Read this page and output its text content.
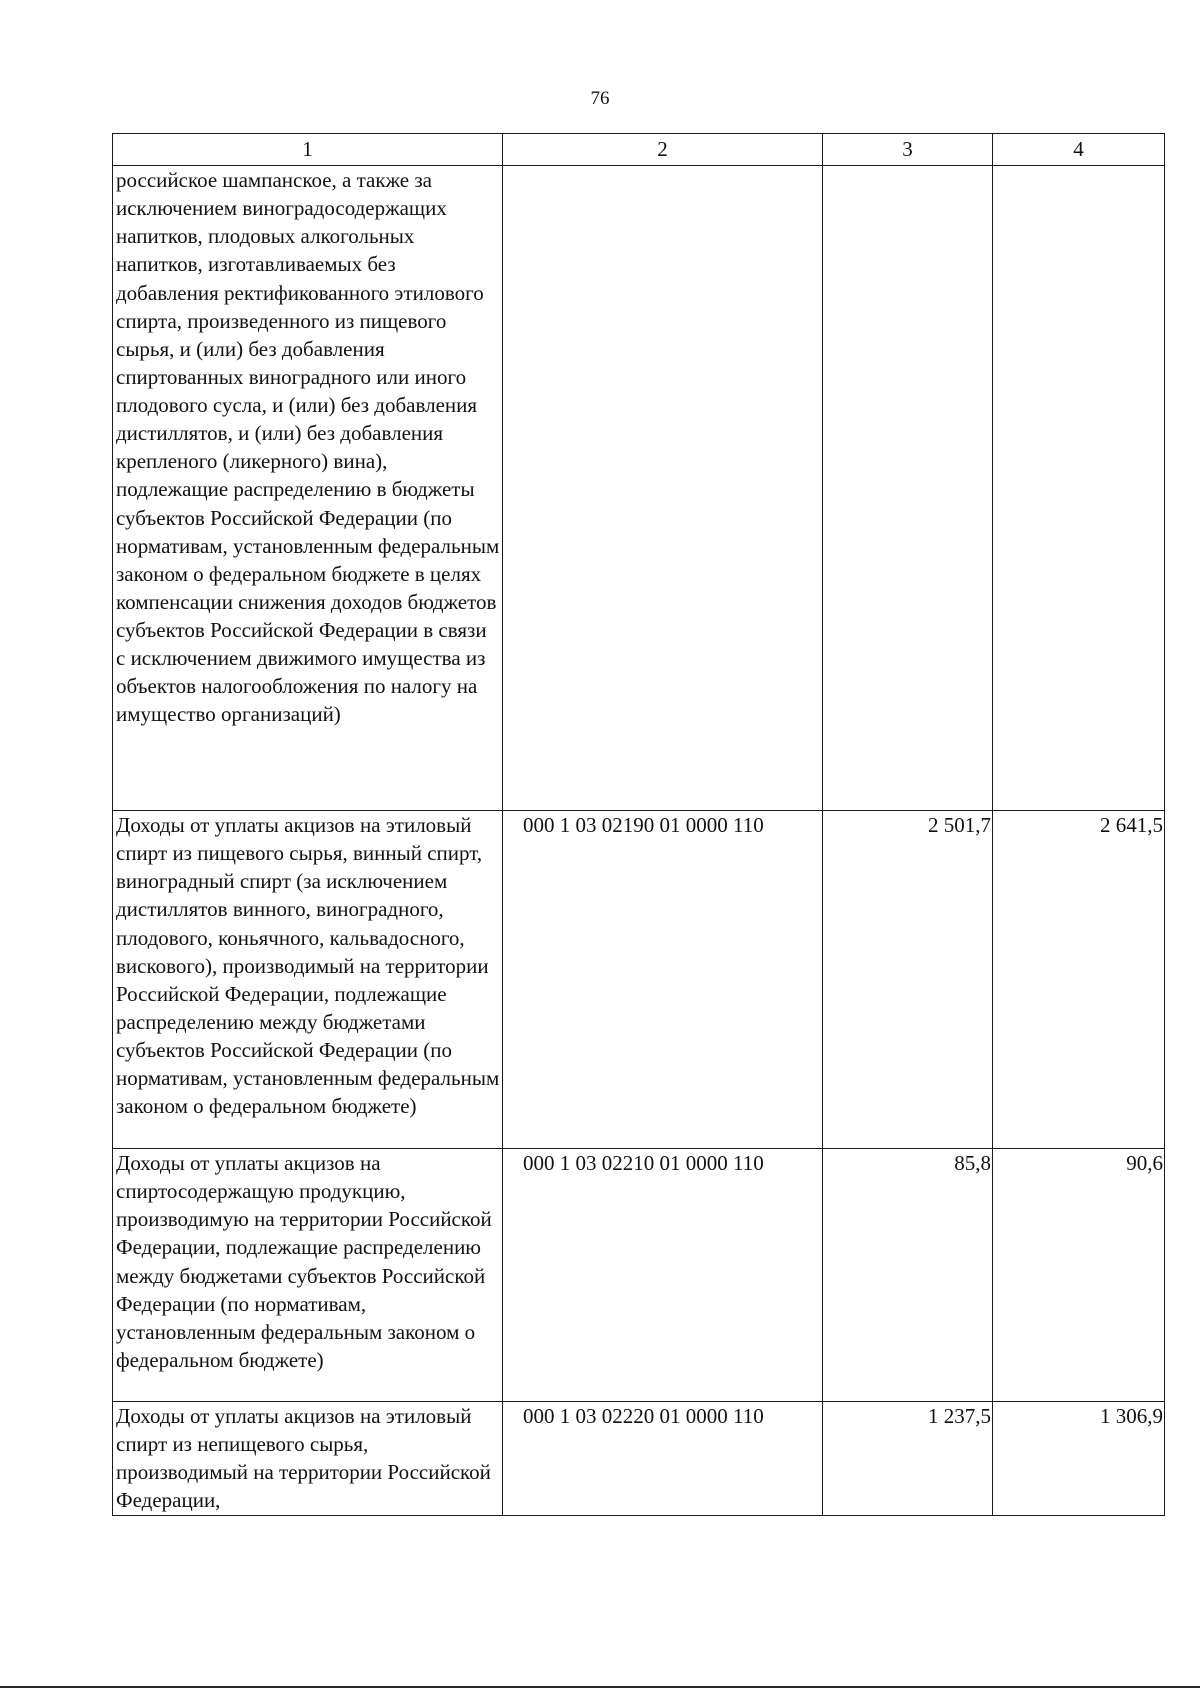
76
1	2	3	4
российское шампанское, а также за исключением виноградосодержащих напитков, плодовых алкогольных напитков, изготавливаемых без добавления ректификованного этилового спирта, произведенного из пищевого сырья, и (или) без добавления спиртованных виноградного или иного плодового сусла, и (или) без добавления дистиллятов, и (или) без добавления крепленого (ликерного) вина), подлежащие распределению в бюджеты субъектов Российской Федерации (по нормативам, установленным федеральным законом о федеральном бюджете в целях компенсации снижения доходов бюджетов субъектов Российской Федерации в связи с исключением движимого имущества из объектов налогообложения по налогу на имущество организаций)			
Доходы от уплаты акцизов на этиловый спирт из пищевого сырья, винный спирт, виноградный спирт (за исключением дистиллятов винного, виноградного, плодового, коньячного, кальвадосного, вискового), производимый на территории Российской Федерации, подлежащие распределению между бюджетами субъектов Российской Федерации (по нормативам, установленным федеральным законом о федеральном бюджете)	000 1 03 02190 01 0000 110	2 501,7	2 641,5
Доходы от уплаты акцизов на спиртосодержащую продукцию, производимую на территории Российской Федерации, подлежащие распределению между бюджетами субъектов Российской Федерации (по нормативам, установленным федеральным законом о федеральном бюджете)	000 1 03 02210 01 0000 110	85,8	90,6
Доходы от уплаты акцизов на этиловый спирт из непищевого сырья, производимый на территории Российской Федерации,	000 1 03 02220 01 0000 110	1 237,5	1 306,9
